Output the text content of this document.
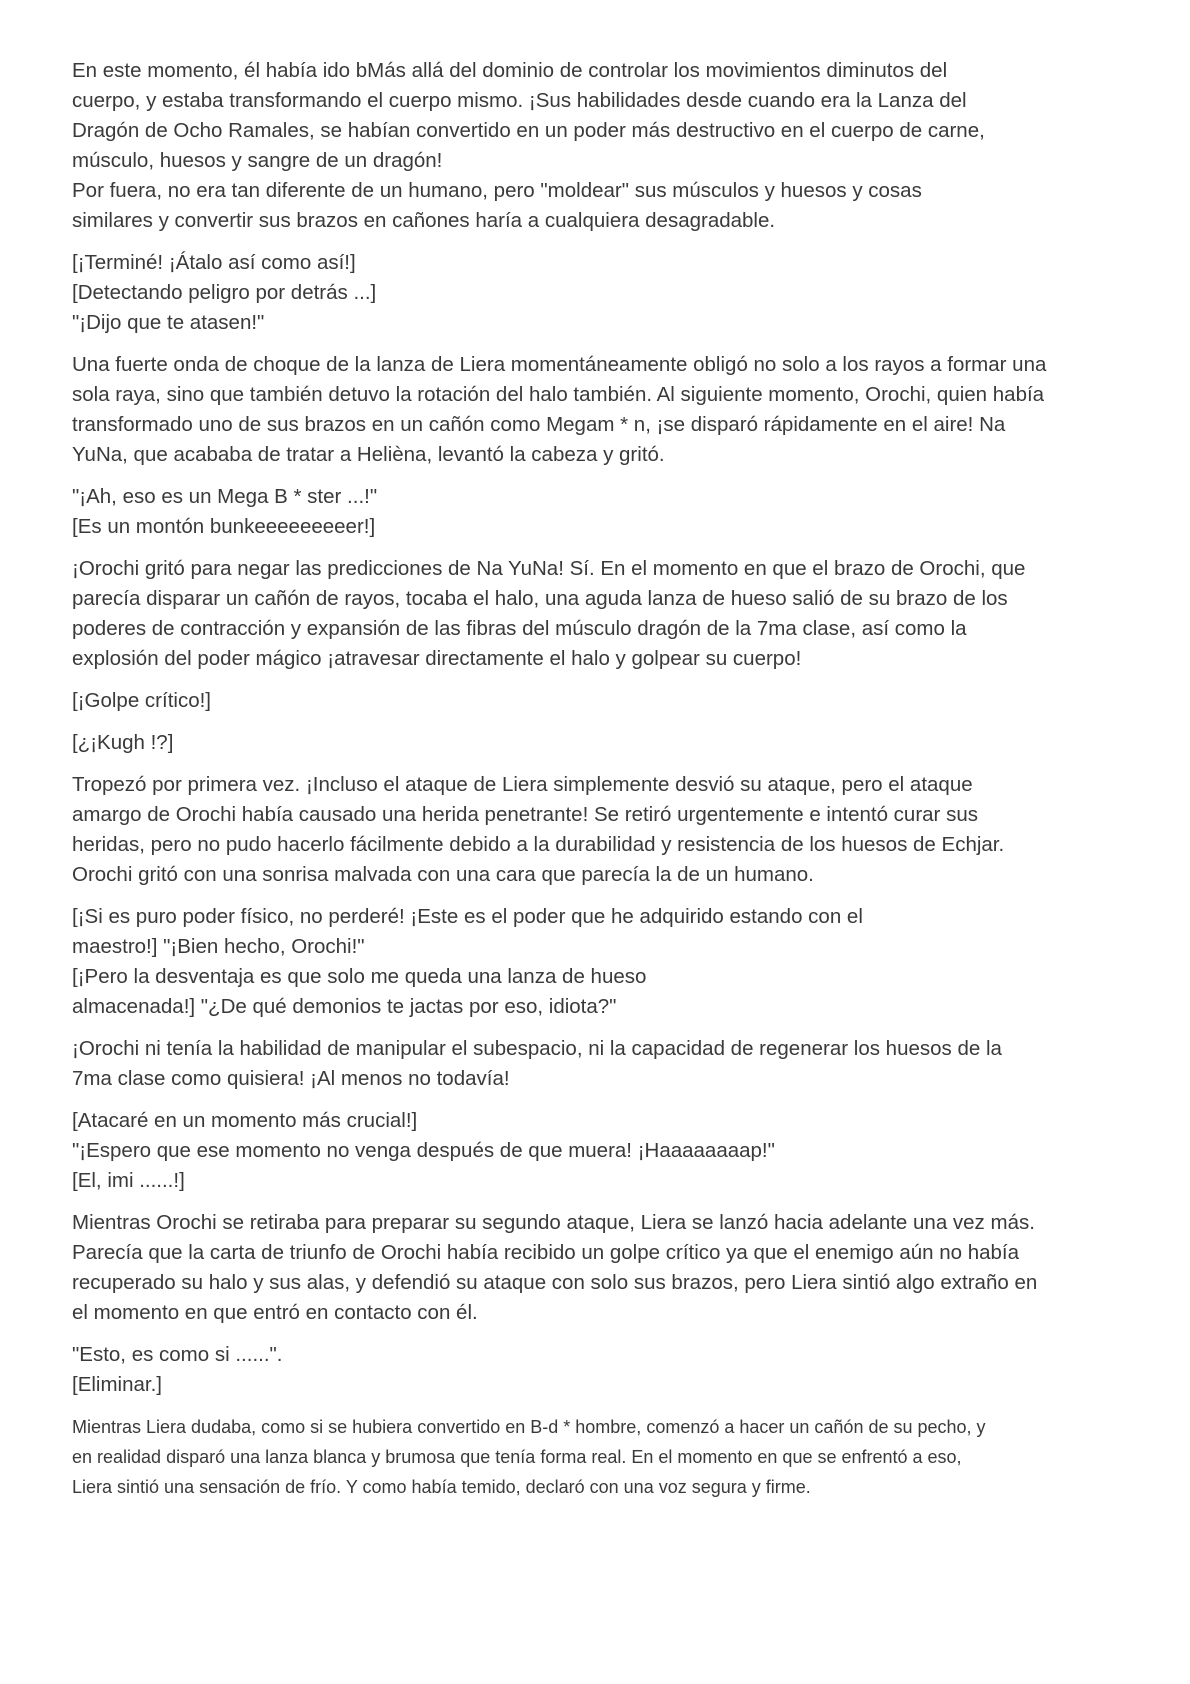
En este momento, él había ido bMás allá del dominio de controlar los movimientos diminutos del
cuerpo, y estaba transformando el cuerpo mismo. ¡Sus habilidades desde cuando era la Lanza del
Dragón de Ocho Ramales, se habían convertido en un poder más destructivo en el cuerpo de carne,
músculo, huesos y sangre de un dragón!
Por fuera, no era tan diferente de un humano, pero "moldear" sus músculos y huesos y cosas
similares y convertir sus brazos en cañones haría a cualquiera desagradable.
[¡Terminé! ¡Átalo así como así!]
[Detectando peligro por detrás ...]
"¡Dijo que te atasen!"
Una fuerte onda de choque de la lanza de Liera momentáneamente obligó no solo a los rayos a formar una
sola raya, sino que también detuvo la rotación del halo también. Al siguiente momento, Orochi, quien había
transformado uno de sus brazos en un cañón como Megam * n, ¡se disparó rápidamente en el aire! Na
YuNa, que acababa de tratar a Helièna, levantó la cabeza y gritó.
"¡Ah, eso es un Mega B * ster ...!"
[Es un montón bunkeeeeeeeeer!]
¡Orochi gritó para negar las predicciones de Na YuNa! Sí. En el momento en que el brazo de Orochi, que
parecía disparar un cañón de rayos, tocaba el halo, una aguda lanza de hueso salió de su brazo de los
poderes de contracción y expansión de las fibras del músculo dragón de la 7ma clase, así como la
explosión del poder mágico ¡atravesar directamente el halo y golpear su cuerpo!
[¡Golpe crítico!]
[¿¡Kugh !?]
Tropezó por primera vez. ¡Incluso el ataque de Liera simplemente desvió su ataque, pero el ataque
amargo de Orochi había causado una herida penetrante! Se retiró urgentemente e intentó curar sus
heridas, pero no pudo hacerlo fácilmente debido a la durabilidad y resistencia de los huesos de Echjar.
Orochi gritó con una sonrisa malvada con una cara que parecía la de un humano.
[¡Si es puro poder físico, no perderé! ¡Este es el poder que he adquirido estando con el
maestro!] "¡Bien hecho, Orochi!"
[¡Pero la desventaja es que solo me queda una lanza de hueso
almacenada!] "¿De qué demonios te jactas por eso, idiota?"
¡Orochi ni tenía la habilidad de manipular el subespacio, ni la capacidad de regenerar los huesos de la
7ma clase como quisiera! ¡Al menos no todavía!
[Atacaré en un momento más crucial!]
"¡Espero que ese momento no venga después de que muera! ¡Haaaaaaaap!"
[El, imi ......!]
Mientras Orochi se retiraba para preparar su segundo ataque, Liera se lanzó hacia adelante una vez más.
Parecía que la carta de triunfo de Orochi había recibido un golpe crítico ya que el enemigo aún no había
recuperado su halo y sus alas, y defendió su ataque con solo sus brazos, pero Liera sintió algo extraño en
el momento en que entró en contacto con él.
"Esto, es como si ......".
[Eliminar.]
Mientras Liera dudaba, como si se hubiera convertido en B-d * hombre, comenzó a hacer un cañón de su pecho, y
en realidad disparó una lanza blanca y brumosa que tenía forma real. En el momento en que se enfrentó a eso,
Liera sintió una sensación de frío. Y como había temido, declaró con una voz segura y firme.
